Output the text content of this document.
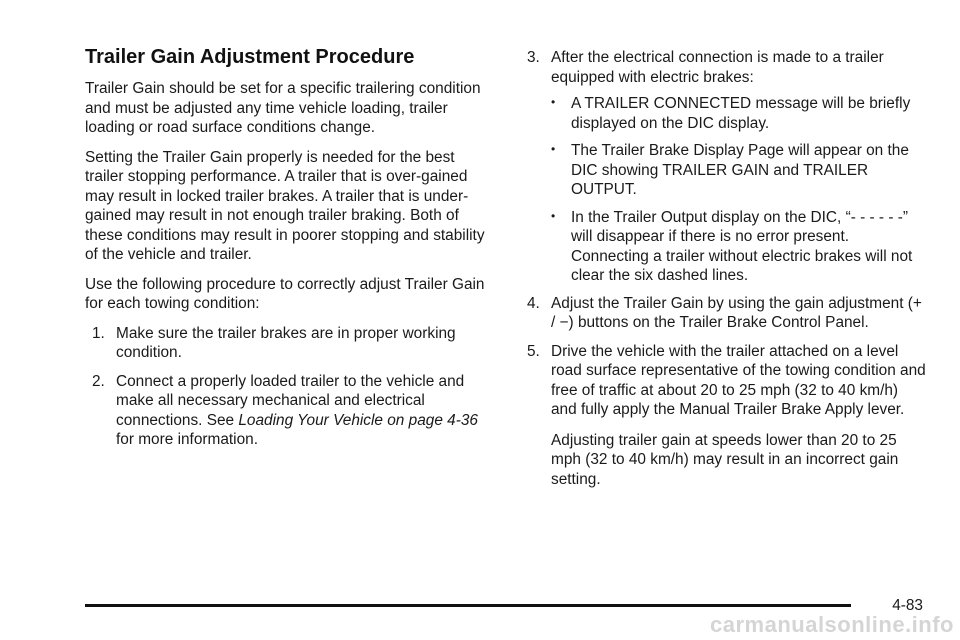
Trailer Gain Adjustment Procedure

Trailer Gain should be set for a specific trailering condition and must be adjusted any time vehicle loading, trailer loading or road surface conditions change.

Setting the Trailer Gain properly is needed for the best trailer stopping performance. A trailer that is over-gained may result in locked trailer brakes. A trailer that is under-gained may result in not enough trailer braking. Both of these conditions may result in poorer stopping and stability of the vehicle and trailer.

Use the following procedure to correctly adjust Trailer Gain for each towing condition:

1. Make sure the trailer brakes are in proper working condition.
2. Connect a properly loaded trailer to the vehicle and make all necessary mechanical and electrical connections. See Loading Your Vehicle on page 4-36 for more information.
3. After the electrical connection is made to a trailer equipped with electric brakes:
•	A TRAILER CONNECTED message will be briefly displayed on the DIC display.
•	The Trailer Brake Display Page will appear on the DIC showing TRAILER GAIN and TRAILER OUTPUT.
•	In the Trailer Output display on the DIC, “- - - - - -” will disappear if there is no error present. Connecting a trailer without electric brakes will not clear the six dashed lines.
4. Adjust the Trailer Gain by using the gain adjustment (+ / −) buttons on the Trailer Brake Control Panel.
5. Drive the vehicle with the trailer attached on a level road surface representative of the towing condition and free of traffic at about 20 to 25 mph (32 to 40 km/h) and fully apply the Manual Trailer Brake Apply lever.

Adjusting trailer gain at speeds lower than 20 to 25 mph (32 to 40 km/h) may result in an incorrect gain setting.

4-83
carmanualsonline.info
